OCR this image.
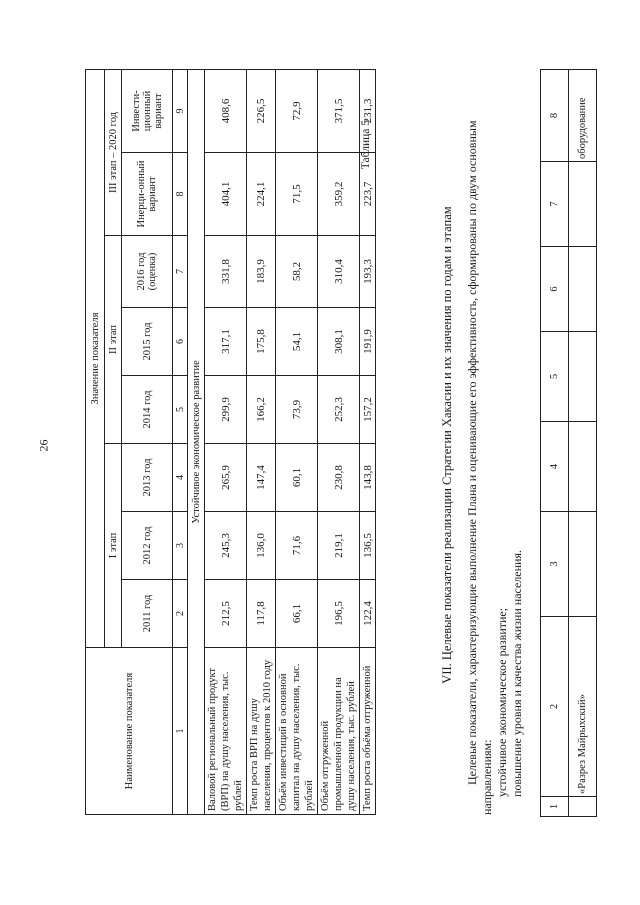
26
1	2	3	4	5	6	7	8
	«Разрез Майрыхский»						оборудование
VII. Целевые показатели реализации Стратегии Хакасии и их значения по годам и этапам Целевые показатели, характеризующие выполнение Плана и оценивающие его эффективность, сформированы по двум основным направлениям: устойчивое экономическое развитие; повышение уровня и качества жизни населения.

Таблица 5
Наименование показателя	Значение показателя							
	I этап			II этап			III этап – 2020 год	
	2011 год	2012 год	2013 год	2014 год	2015 год	2016 год (оценка)	Инерци-онный вариант	Инвести-ционный вариант
1	2	3	4	5	6	7	8	9
Устойчивое экономическое развитие								
Валовой региональный продукт (ВРП) на душу населения, тыс. рублей	212,5	245,3	265,9	299,9	317,1	331,8	404,1	408,6
Темп роста ВРП на душу населения, процентов к 2010 году	117,8	136,0	147,4	166,2	175,8	183,9	224,1	226,5
Объём инвестиций в основной капитал на душу населения, тыс. рублей	66,1	71,6	60,1	73,9	54,1	58,2	71,5	72,9
Объём отгруженной промышленной продукции на душу населения, тыс. рублей	196,5	219,1	230,8	252,3	308,1	310,4	359,2	371,5
Темп роста объёма отгруженной	122,4	136,5	143,8	157,2	191,9	193,3	223,7	231,3
